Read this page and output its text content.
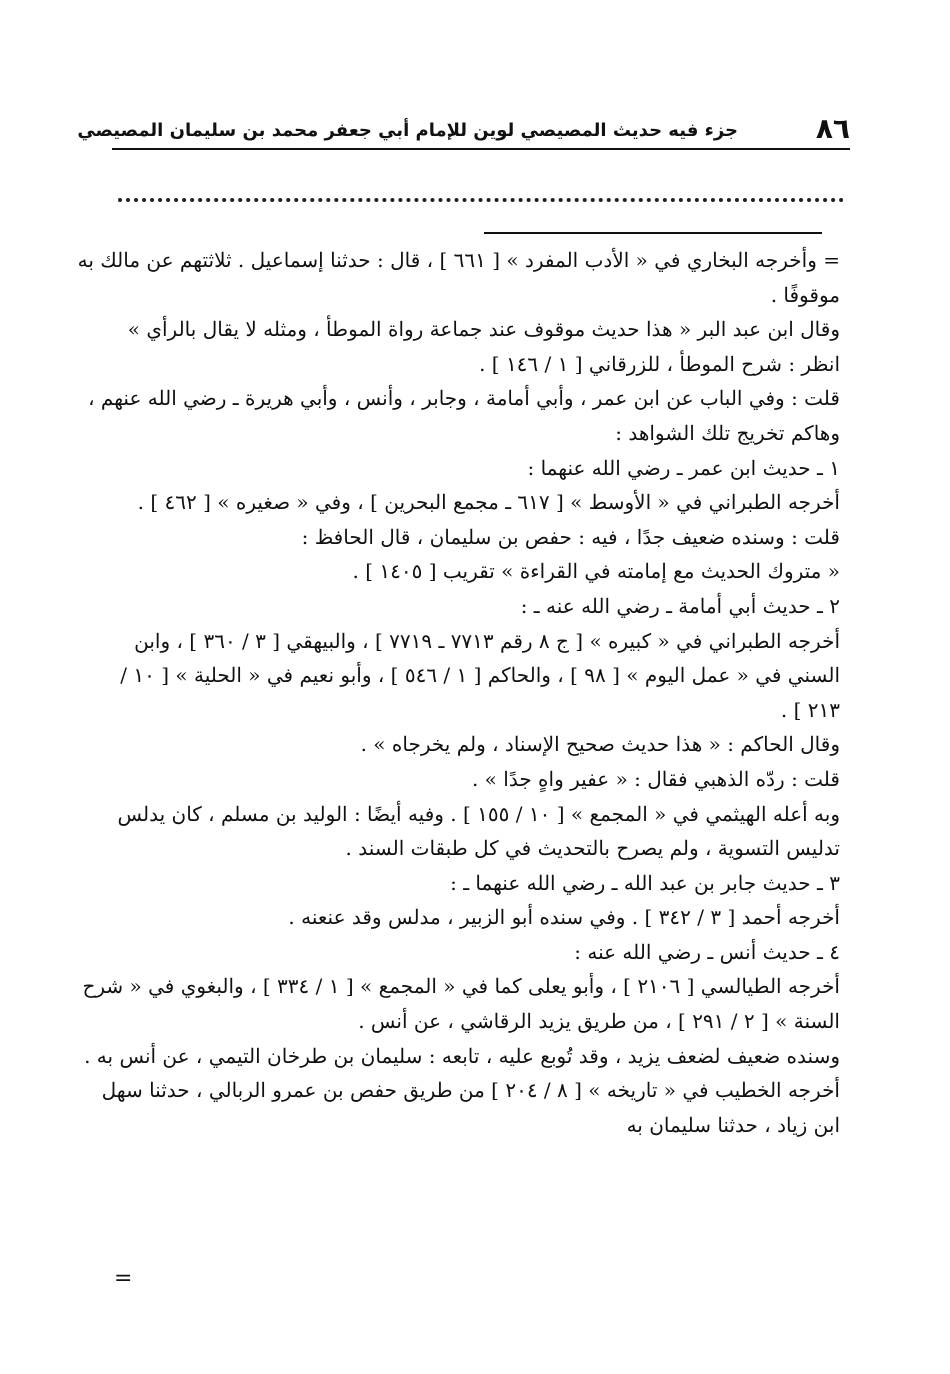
٨٦
جزء فيه حديث المصيصي لوين للإمام أبي جعفر محمد بن سليمان المصيصي
= وأخرجه البخاري في « الأدب المفرد » [ ٦٦١ ] ، قال : حدثنا إسماعيل . ثلاثتهم عن مالك به
موقوفًا .
وقال ابن عبد البر « هذا حديث موقوف عند جماعة رواة الموطأ ، ومثله لا يقال بالرأي »
انظر : شرح الموطأ ، للزرقاني [ ١ / ١٤٦ ] .
قلت : وفي الباب عن ابن عمر ، وأبي أمامة ، وجابر ، وأنس ، وأبي هريرة ـ رضي الله عنهم ،
وهاكم تخريج تلك الشواهد :
١ ـ حديث ابن عمر ـ رضي الله عنهما :
أخرجه الطبراني في « الأوسط » [ ٦١٧ ـ مجمع البحرين ] ، وفي « صغيره » [ ٤٦٢ ] .
قلت : وسنده ضعيف جدًا ، فيه : حفص بن سليمان ، قال الحافظ :
« متروك الحديث مع إمامته في القراءة » تقريب [ ١٤٠٥ ] .
٢ ـ حديث أبي أمامة ـ رضي الله عنه ـ :
أخرجه الطبراني في « كبيره » [ ج ٨ رقم ٧٧١٣ ـ ٧٧١٩ ] ، والبيهقي [ ٣ / ٣٦٠ ] ، وابن
السني في « عمل اليوم » [ ٩٨ ] ، والحاكم [ ١ / ٥٤٦ ] ، وأبو نعيم في « الحلية » [ ١٠ /
٢١٣ ] .
وقال الحاكم : « هذا حديث صحيح الإسناد ، ولم يخرجاه » .
قلت : ردّه الذهبي فقال : « عفير واهٍ جدًا » .
وبه أعله الهيثمي في « المجمع » [ ١٠ / ١٥٥ ] . وفيه أيضًا : الوليد بن مسلم ، كان يدلس
تدليس التسوية ، ولم يصرح بالتحديث في كل طبقات السند .
٣ ـ حديث جابر بن عبد الله ـ رضي الله عنهما ـ :
أخرجه أحمد [ ٣ / ٣٤٢ ] . وفي سنده أبو الزبير ، مدلس وقد عنعنه .
٤ ـ حديث أنس ـ رضي الله عنه :
أخرجه الطيالسي [ ٢١٠٦ ] ، وأبو يعلى كما في « المجمع » [ ١ / ٣٣٤ ] ، والبغوي في « شرح
السنة » [ ٢ / ٢٩١ ] ، من طريق يزيد الرقاشي ، عن أنس .
وسنده ضعيف لضعف يزيد ، وقد تُوبع عليه ، تابعه : سليمان بن طرخان التيمي ، عن أنس به .
أخرجه الخطيب في « تاريخه » [ ٨ / ٢٠٤ ] من طريق حفص بن عمرو الربالي ، حدثنا سهل
ابن زياد ، حدثنا سليمان به
=
